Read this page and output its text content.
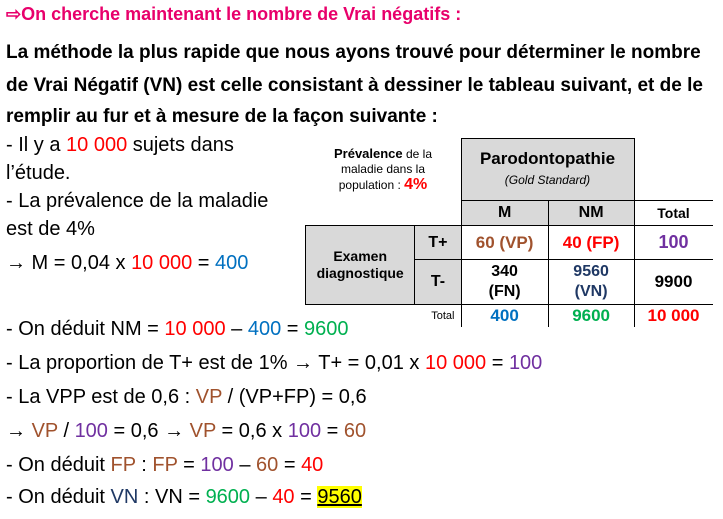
⇨On cherche maintenant le nombre de Vrai négatifs :
La méthode la plus rapide que nous ayons trouvé pour déterminer le nombre
de Vrai Négatif (VN) est celle consistant à dessiner le tableau suivant, et de le
remplir au fur et à mesure de la façon suivante :
- Il y a 10 000 sujets dans
l’étude.
- La prévalence de la maladie
est de 4%
→ M = 0,04 x 10 000 = 400
Prévalence de la
maladie dans la
population : 4%		Parodontopathie
(Gold Standard)		
		M	NM	Total
Examen
diagnostique	T+	60 (VP)	40 (FP)	100
	T-	340
(FN)	9560
(VN)	9900
Total		400	9600	10 000
- On déduit NM = 10 000 – 400 = 9600
- La proportion de T+ est de 1% → T+ = 0,01 x 10 000 = 100
- La VPP est de 0,6 : VP / (VP+FP) = 0,6
→ VP / 100 = 0,6 → VP = 0,6 x 100 = 60
- On déduit FP : FP = 100 – 60 = 40
- On déduit VN : VN = 9600 – 40 = 9560
